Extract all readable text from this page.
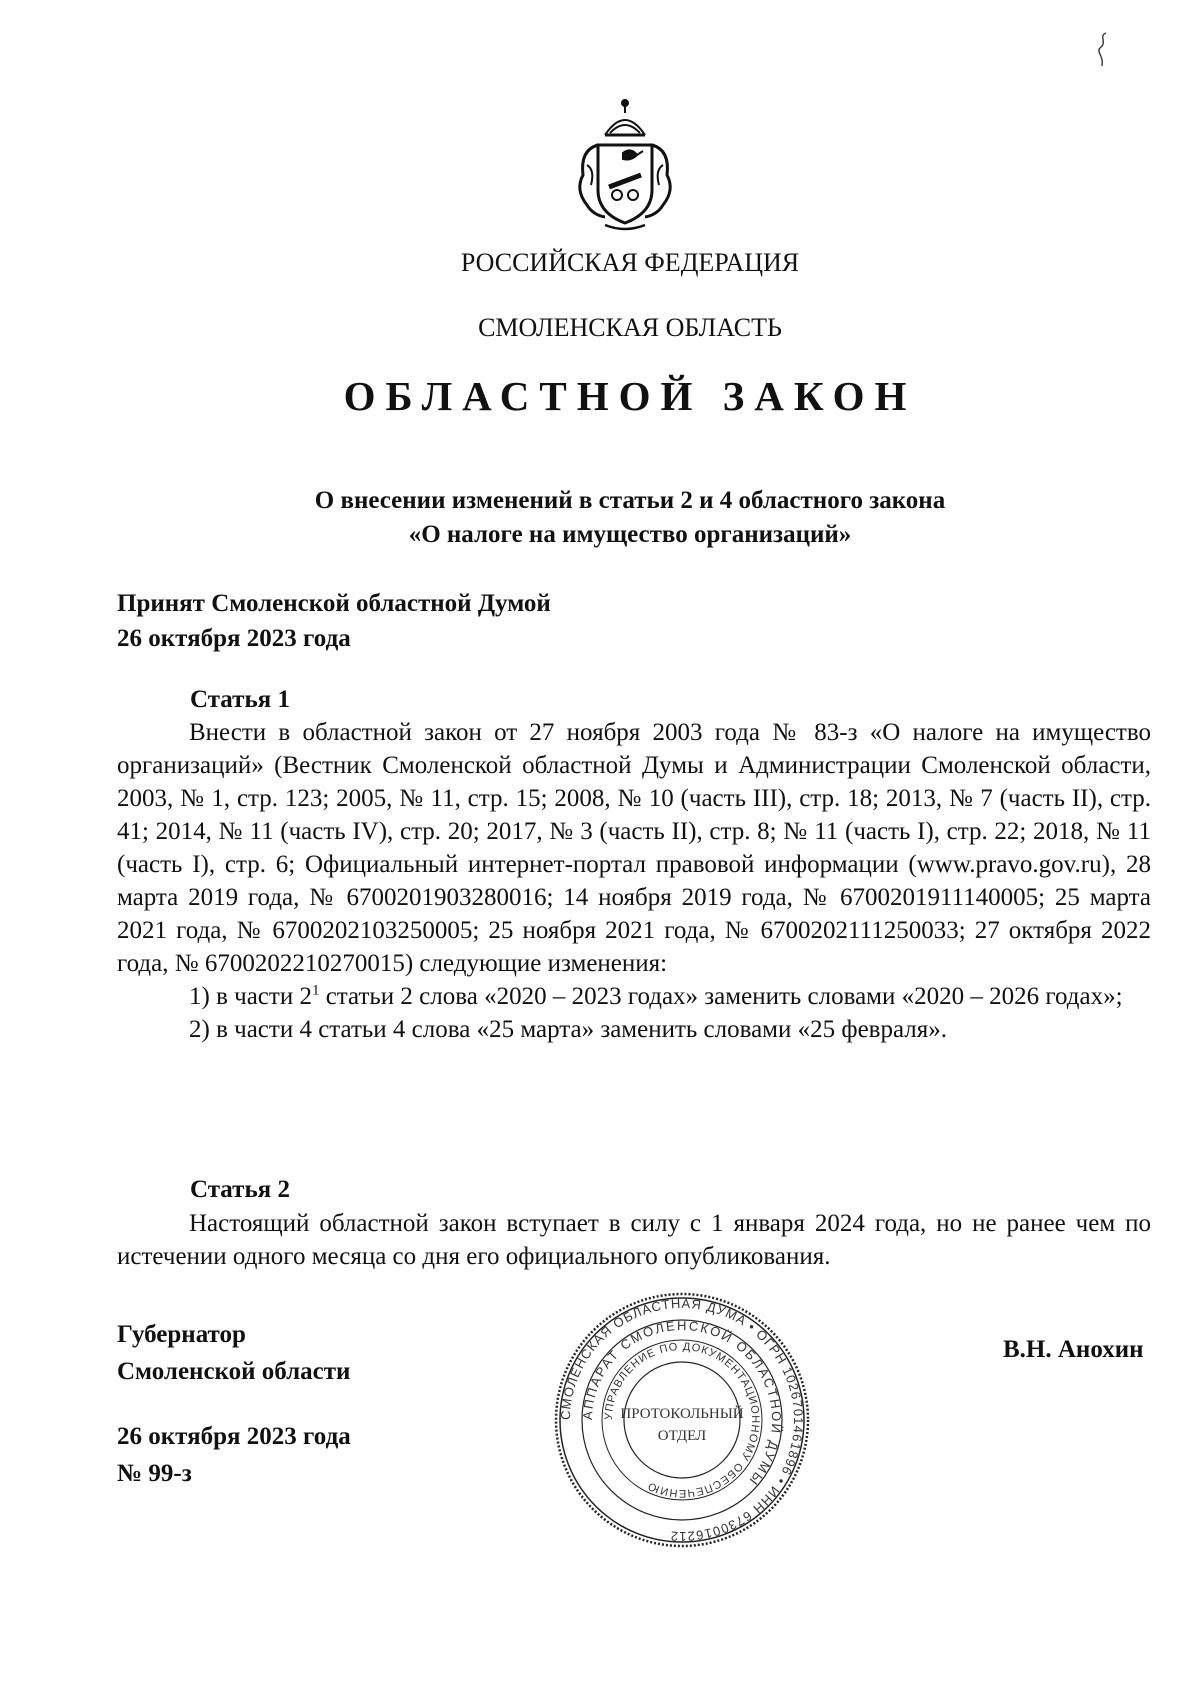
РОССИЙСКАЯ ФЕДЕРАЦИЯ
СМОЛЕНСКАЯ ОБЛАСТЬ
ОБЛАСТНОЙ ЗАКОН
О внесении изменений в статьи 2 и 4 областного закона
«О налоге на имущество организаций»
Принят Смоленской областной Думой
26 октября 2023 года
Статья 1
Внести в областной закон от 27 ноября 2003 года № 83-з «О налоге на имущество организаций» (Вестник Смоленской областной Думы и Администрации Смоленской области, 2003, № 1, стр. 123; 2005, № 11, стр. 15; 2008, № 10 (часть III), стр. 18; 2013, № 7 (часть II), стр. 41; 2014, № 11 (часть IV), стр. 20; 2017, № 3 (часть II), стр. 8; № 11 (часть I), стр. 22; 2018, № 11 (часть I), стр. 6; Официальный интернет-портал правовой информации (www.pravo.gov.ru), 28 марта 2019 года, № 6700201903280016; 14 ноября 2019 года, № 6700201911140005; 25 марта 2021 года, № 6700202103250005; 25 ноября 2021 года, № 6700202111250033; 27 октября 2022 года, № 6700202210270015) следующие изменения:

1) в части $2^1$ статьи 2 слова «2020 – 2023 годах» заменить словами «2020 – 2026 годах»;

2) в части 4 статьи 4 слова «25 марта» заменить словами «25 февраля».

Статья 2
Настоящий областной закон вступает в силу с 1 января 2024 года, но не ранее чем по истечении одного месяца со дня его официального опубликования.
Губернатор
Смоленской области
В.Н. Анохин
26 октября 2023 года
№ 99-з
СМОЛЕНСКАЯ ОБЛАСТНАЯ ДУМА • ОГРН 1026701461896 • ИНН 6730016212
АППАРАТ СМОЛЕНСКОЙ ОБЛАСТНОЙ ДУМЫ
УПРАВЛЕНИЕ ПО ДОКУМЕНТАЦИОННОМУ ОБЕСПЕЧЕНИЮ
ПРОТОКОЛЬНЫЙ
ОТДЕЛ
